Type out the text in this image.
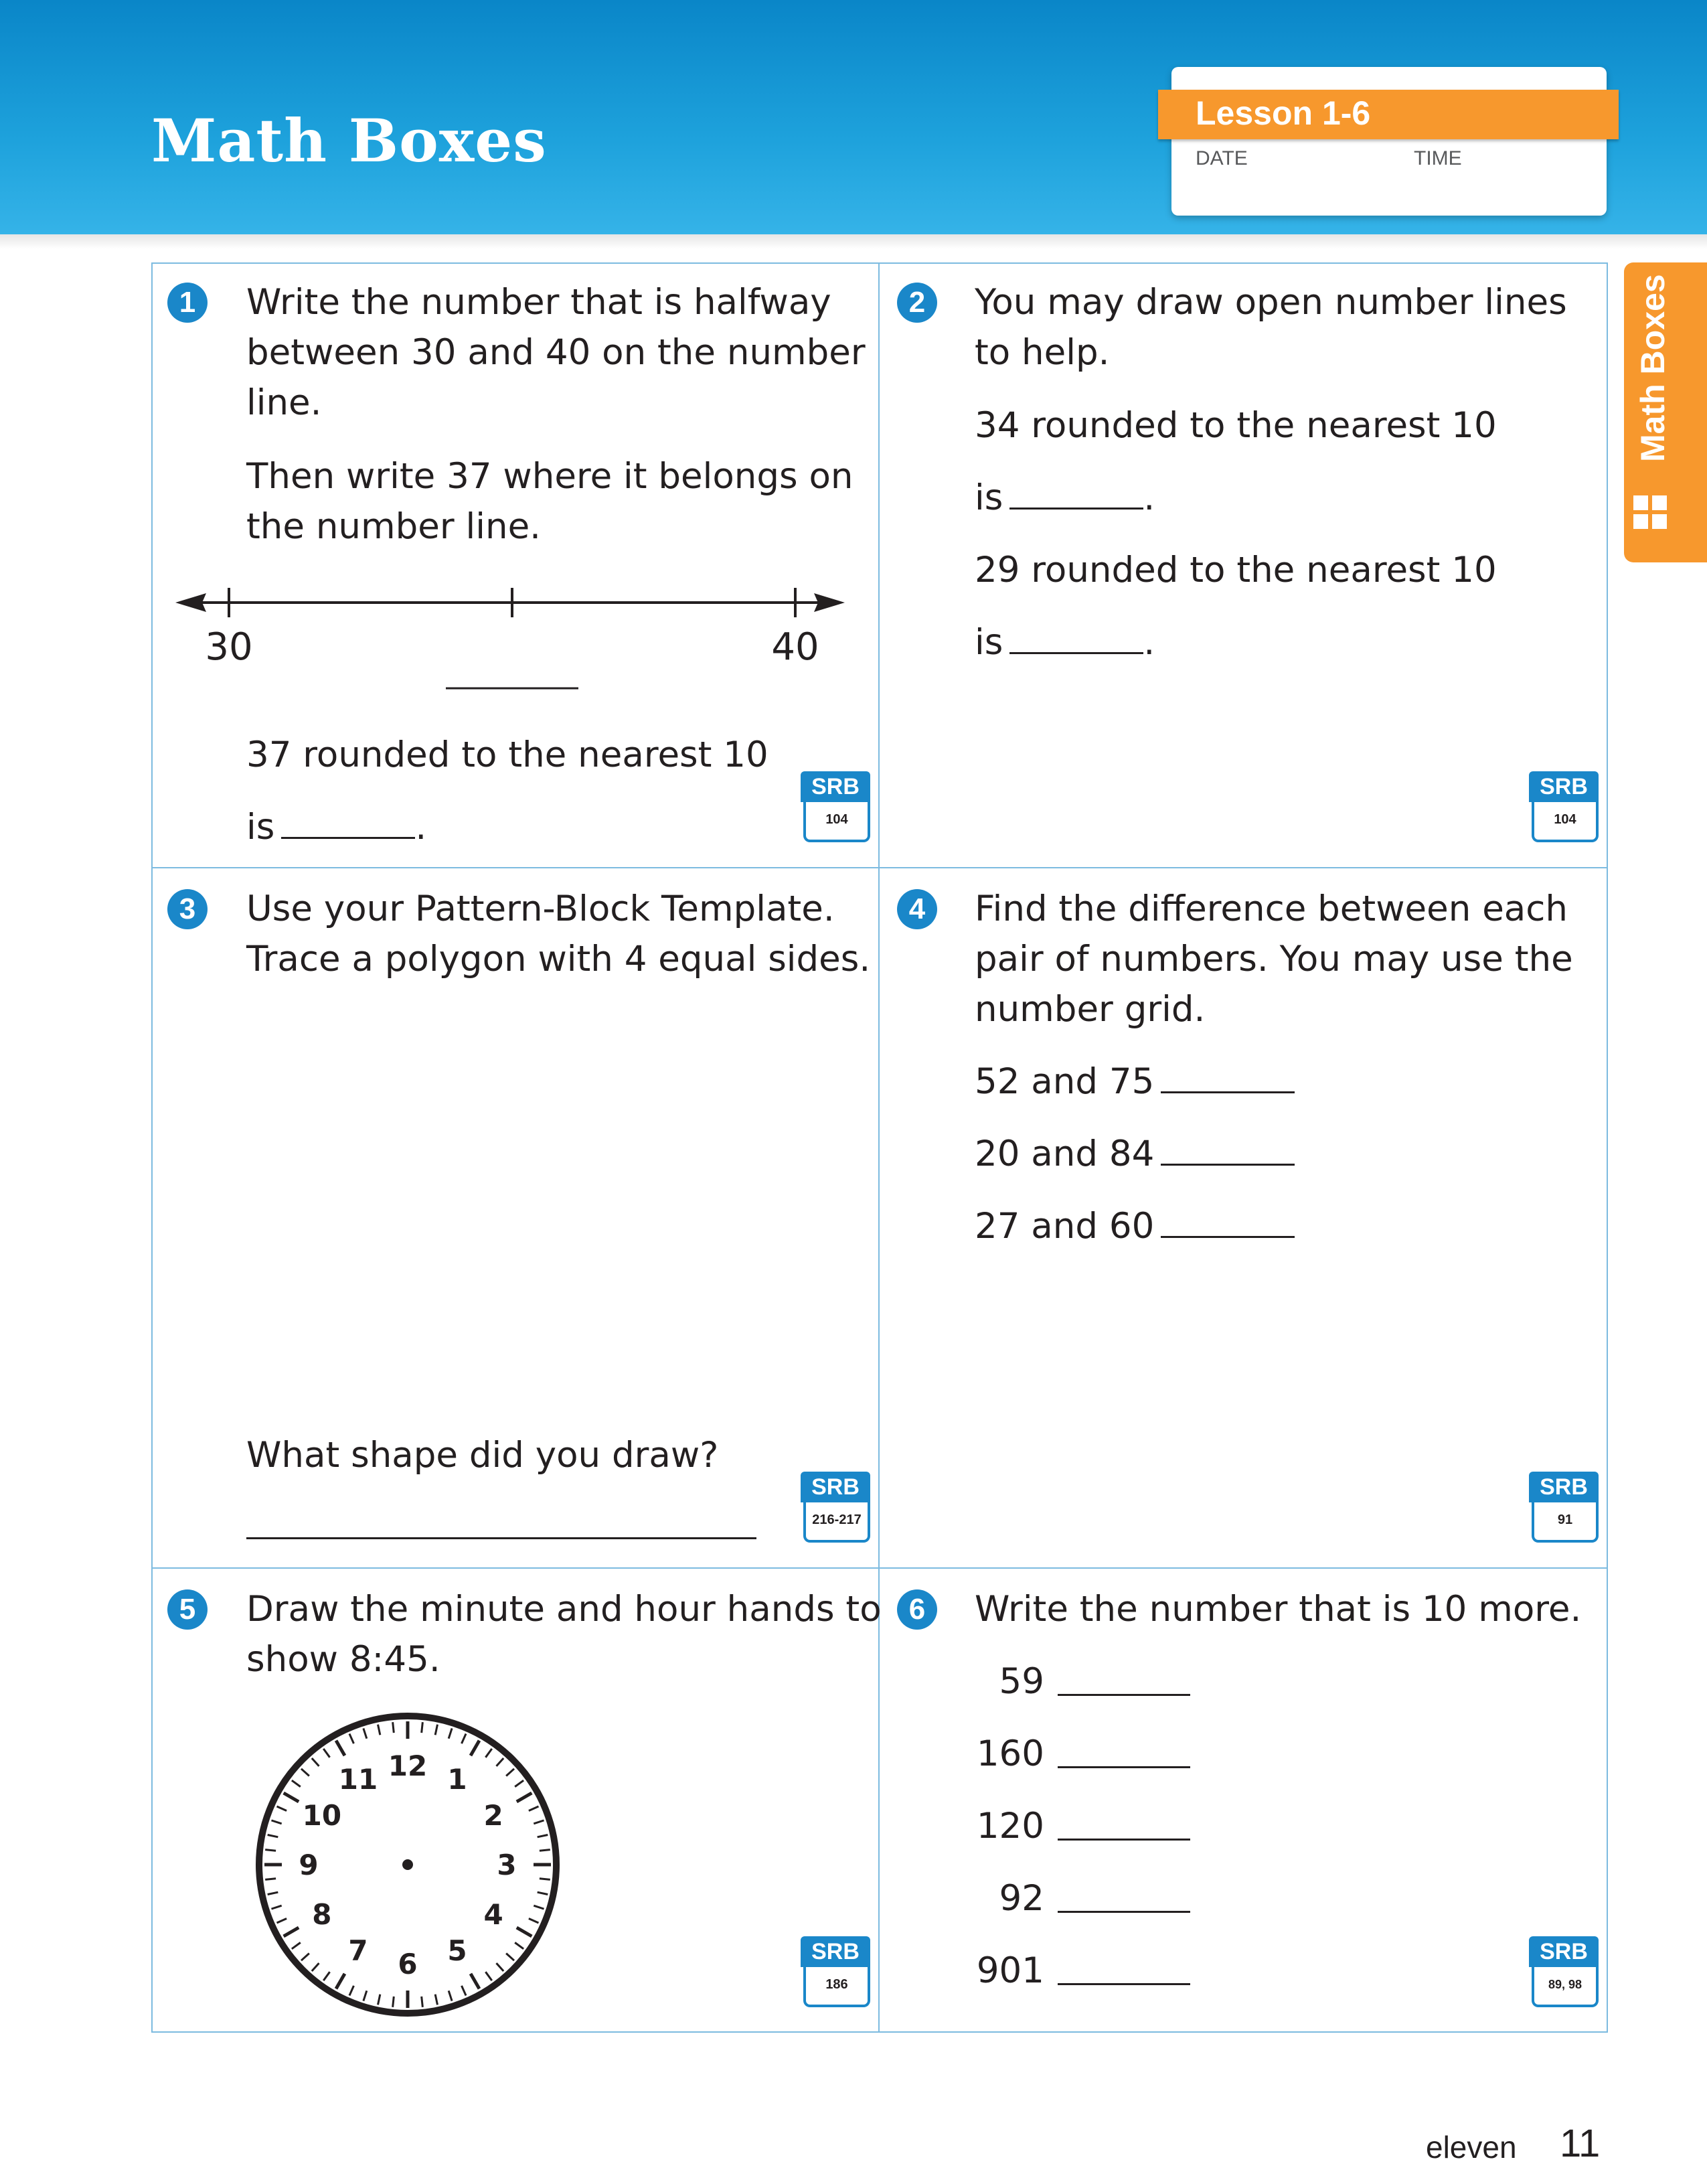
Math Boxes	Lesson 1-6
DATE	TIME
Math Boxes
1	Write the number that is halfway
between 30 and 40 on the number
line.
Then write 37 where it belongs on
the number line.
30	40
37 rounded to the nearest 10
is	.
SRB
104
2	You may draw open number lines
to help.
34 rounded to the nearest 10
is	.
29 rounded to the nearest 10
is	.
SRB
104
3	Use your Pattern-Block Template.
Trace a polygon with 4 equal sides.
What shape did you draw?
SRB
216-217
4	Find the difference between each
pair of numbers. You may use the
number grid.
52 and 75
20 and 84
27 and 60
SRB
91
5	Draw the minute and hour hands to
show 8:45.
12 1
2
3
4
5
6
7
8
9
10
11
SRB
186
6	Write the number that is 10 more.
59
160
120
92
901	SRB
89, 98
eleven 11
